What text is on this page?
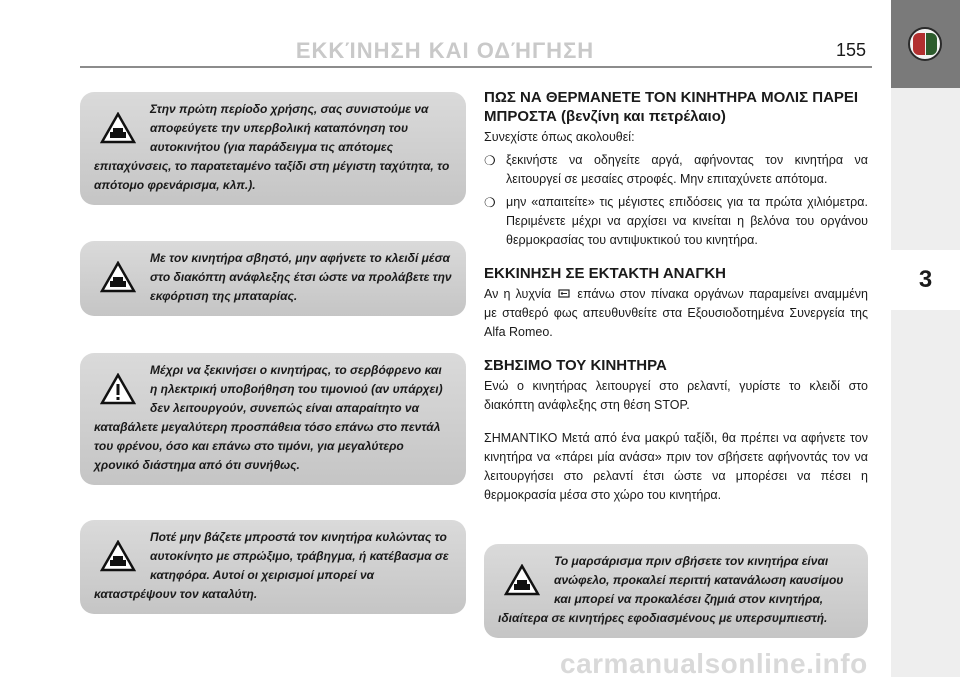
ΕΚΚΊΝΗΣΗ ΚΑΙ ΟΔΉΓΗΣΗ	155
3
Στην πρώτη περίοδο χρήσης, σας συνιστούμε να αποφεύγετε την υπερβολική καταπόνηση του αυτοκινήτου (για παράδειγμα τις απότομες επιταχύνσεις, το παρατεταμένο ταξίδι στη μέγιστη ταχύτητα, το απότομο φρενάρισμα, κλπ.).
Με τον κινητήρα σβηστό, μην αφήνετε το κλειδί μέσα στο διακόπτη ανάφλεξης έτσι ώστε να προλάβετε την εκφόρτιση της μπαταρίας.
Μέχρι να ξεκινήσει ο κινητήρας, το σερβόφρενο και η ηλεκτρική υποβοήθηση του τιμονιού (αν υπάρχει) δεν λειτουργούν, συνεπώς είναι απαραίτητο να καταβάλετε μεγαλύτερη προσπάθεια τόσο επάνω στο πεντάλ του φρένου, όσο και επάνω στο τιμόνι, για μεγαλύτερο χρονικό διάστημα από ότι συνήθως.
Ποτέ μην βάζετε μπροστά τον κινητήρα κυλώντας το αυτοκίνητο με σπρώξιμο, τράβηγμα, ή κατέβασμα σε κατηφόρα. Αυτοί οι χειρισμοί μπορεί να καταστρέψουν τον καταλύτη.

ΠΩΣ ΝΑ ΘΕΡΜΑΝΕΤΕ ΤΟΝ ΚΙΝΗΤΗΡΑ ΜΟΛΙΣ ΠΑΡΕΙ ΜΠΡΟΣΤΑ (βενζίνη και πετρέλαιο)

Συνεχίστε όπως ακολουθεί:

❍ ξεκινήστε να οδηγείτε αργά, αφήνοντας τον κινητήρα να λειτουργεί σε μεσαίες στροφές. Μην επιταχύνετε απότομα.
❍ μην «απαιτείτε» τις μέγιστες επιδόσεις για τα πρώτα χιλιόμετρα. Περιμένετε μέχρι να αρχίσει να κινείται η βελόνα του οργάνου θερμοκρασίας του αντιψυκτικού του κινητήρα.

ΕΚΚΙΝΗΣΗ ΣΕ ΕΚΤΑΚΤΗ ΑΝΑΓΚΗ

Αν η λυχνία επάνω στον πίνακα οργάνων παραμείνει αναμμένη με σταθερό φως απευθυνθείτε στα Εξουσιοδοτημένα Συνεργεία της Alfa Romeo.

ΣΒΗΣΙΜΟ ΤΟΥ ΚΙΝΗΤΗΡΑ

Ενώ ο κινητήρας λειτουργεί στο ρελαντί, γυρίστε το κλειδί στο διακόπτη ανάφλεξης στη θέση STOP.

ΣΗΜΑΝΤΙΚΟ Μετά από ένα μακρύ ταξίδι, θα πρέπει να αφήνετε τον κινητήρα να «πάρει μία ανάσα» πριν τον σβήσετε αφήνοντάς τον να λειτουργήσει στο ρελαντί έτσι ώστε να μπορέσει να πέσει η θερμοκρασία μέσα στο χώρο του κινητήρα.

Το μαρσάρισμα πριν σβήσετε τον κινητήρα είναι ανώφελο, προκαλεί περιττή κατανάλωση καυσίμου και μπορεί να προκαλέσει ζημιά στον κινητήρα, ιδιαίτερα σε κινητήρες εφοδιασμένους με υπερσυμπιεστή.
carmanualsonline.info
